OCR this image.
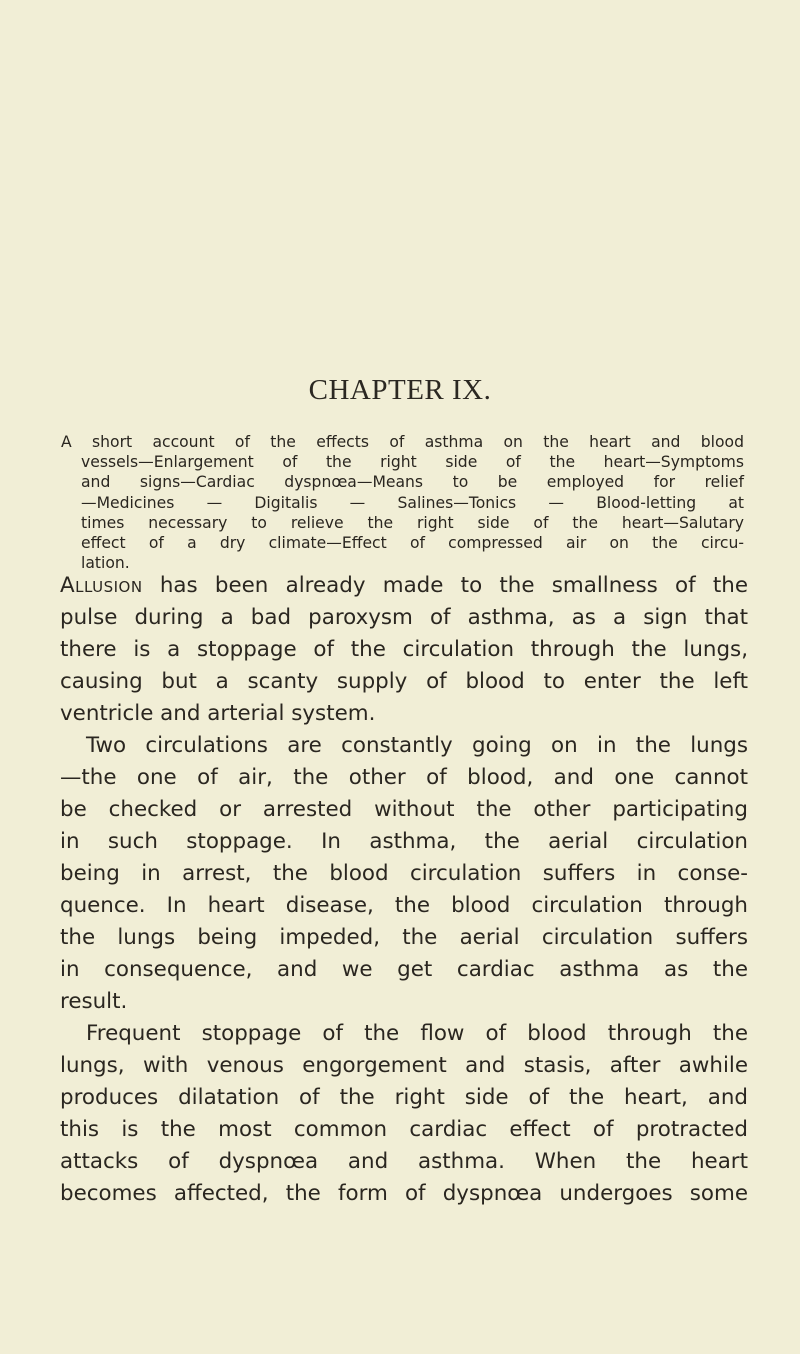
CHAPTER IX.
A short account of the effects of asthma on the heart and blood
vessels—Enlargement of the right side of the heart—Symptoms
and signs—Cardiac dyspnœa—Means to be employed for relief
—Medicines — Digitalis — Salines—Tonics — Blood-letting at
times necessary to relieve the right side of the heart—Salutary
effect of a dry climate—Effect of compressed air on the circu-
lation.
Allusion has been already made to the smallness of the
pulse during a bad paroxysm of asthma, as a sign that
there is a stoppage of the circulation through the lungs,
causing but a scanty supply of blood to enter the left
ventricle and arterial system.
Two circulations are constantly going on in the lungs
—the one of air, the other of blood, and one cannot
be checked or arrested without the other participating
in such stoppage. In asthma, the aerial circulation
being in arrest, the blood circulation suffers in conse-
quence. In heart disease, the blood circulation through
the lungs being impeded, the aerial circulation suffers
in consequence, and we get cardiac asthma as the
result.
Frequent stoppage of the flow of blood through the
lungs, with venous engorgement and stasis, after awhile
produces dilatation of the right side of the heart, and
this is the most common cardiac effect of protracted
attacks of dyspnœa and asthma. When the heart
becomes affected, the form of dyspnœa undergoes some
